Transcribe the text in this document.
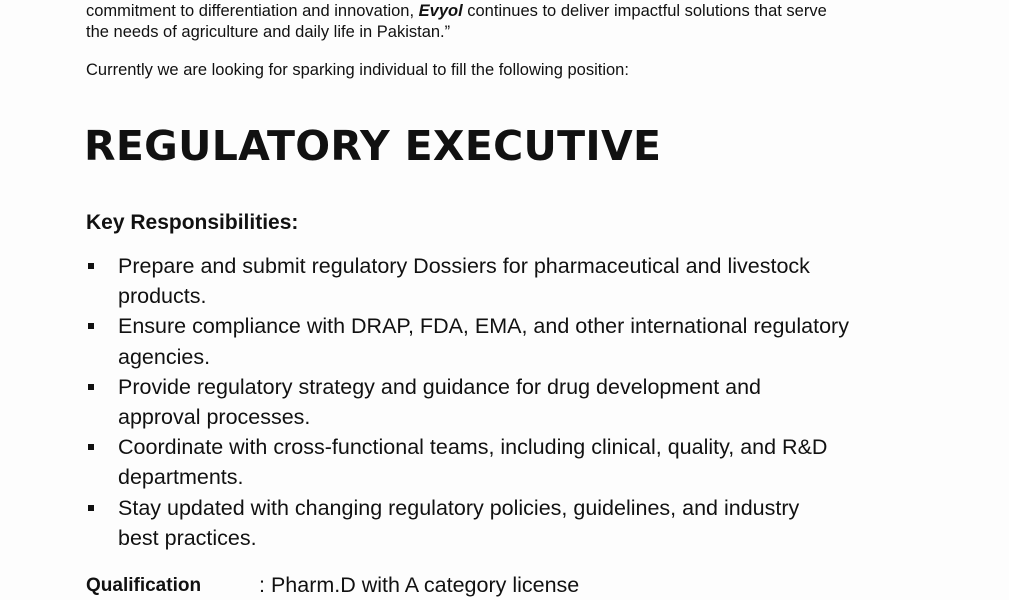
commitment to differentiation and innovation, Evyol continues to deliver impactful solutions that serve
the needs of agriculture and daily life in Pakistan.”

Currently we are looking for sparking individual to fill the following position:

REGULATORY EXECUTIVE
Key Responsibilities:
Prepare and submit regulatory Dossiers for pharmaceutical and livestock
products.
Ensure compliance with DRAP, FDA, EMA, and other international regulatory
agencies.
Provide regulatory strategy and guidance for drug development and
approval processes.
Coordinate with cross-functional teams, including clinical, quality, and R&D
departments.
Stay updated with changing regulatory policies, guidelines, and industry
best practices.
Qualification	: Pharm.D with A category license
